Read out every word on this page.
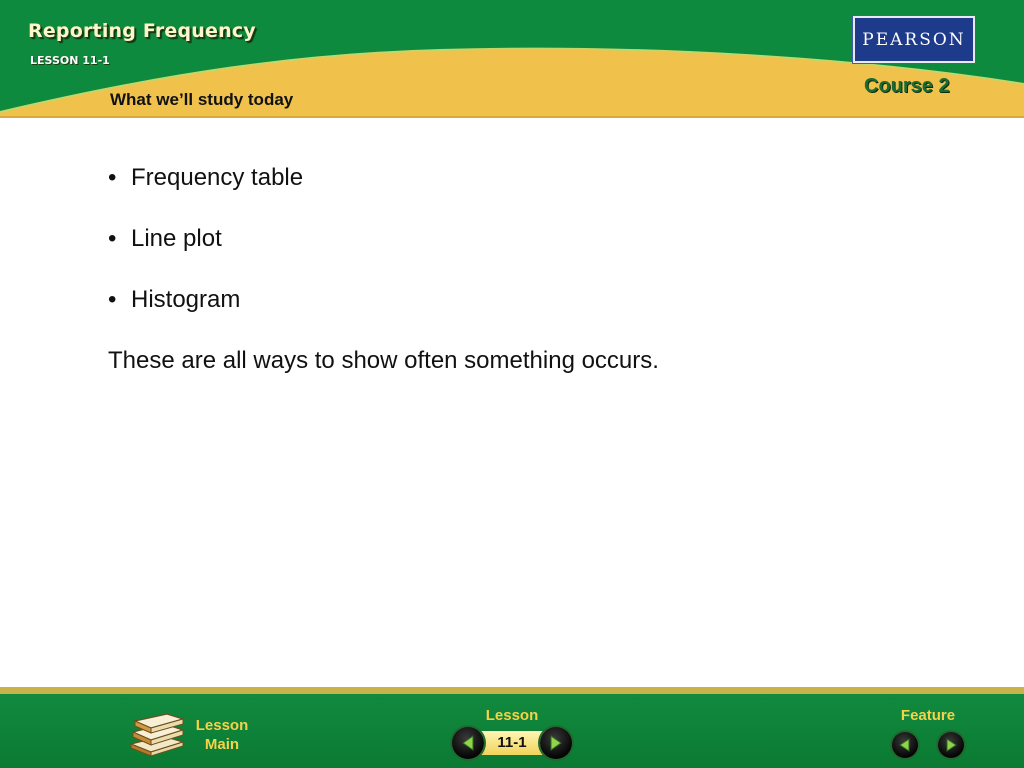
Reporting Frequency
LESSON 11-1
What we’ll study today
PEARSON
Course 2
• Frequency table
• Line plot
• Histogram

These are all ways to show often something occurs.

Lesson
Main
Lesson
11-1
Feature
